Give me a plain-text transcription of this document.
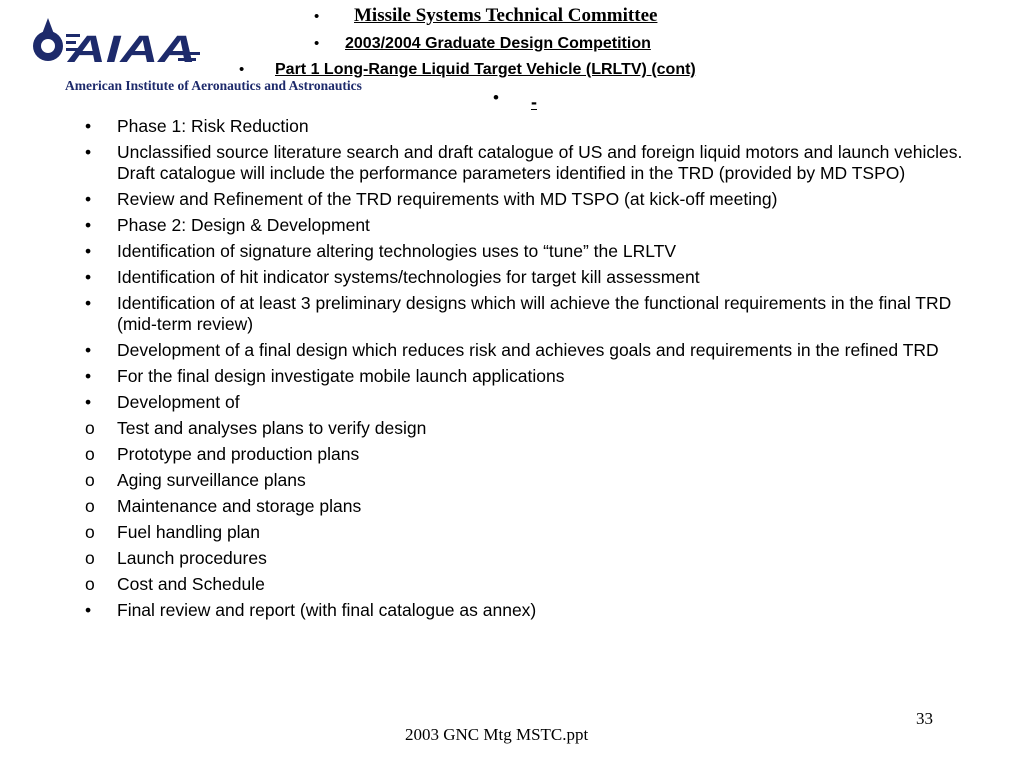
AIAA
American Institute of Aeronautics and Astronautics
• Missile Systems Technical Committee
• 2003/2004 Graduate Design Competition
• Part 1 Long-Range Liquid Target Vehicle (LRLTV) (cont)
• -
•	Phase 1: Risk Reduction
•	Unclassified source literature search and draft catalogue of US and foreign liquid motors and launch vehicles. Draft catalogue will include the performance parameters identified in the TRD (provided by MD TSPO)
•	Review and Refinement of the TRD requirements with MD TSPO (at kick-off meeting)
•	Phase 2: Design & Development
•	Identification of signature altering technologies uses to “tune” the LRLTV
•	Identification of hit indicator systems/technologies for target kill assessment
•	Identification of at least 3 preliminary designs which will achieve the functional requirements in the final TRD (mid-term review)
•	Development of a final design which reduces risk and achieves goals and requirements in the refined TRD
•	For the final design investigate mobile launch applications
•	Development of
o	Test and analyses plans to verify design
o	Prototype and production plans
o	Aging surveillance plans
o	Maintenance and storage plans
o	Fuel handling plan
o	Launch procedures
o	Cost and Schedule
•	Final review and report (with final catalogue as annex)
33
2003 GNC Mtg MSTC.ppt
